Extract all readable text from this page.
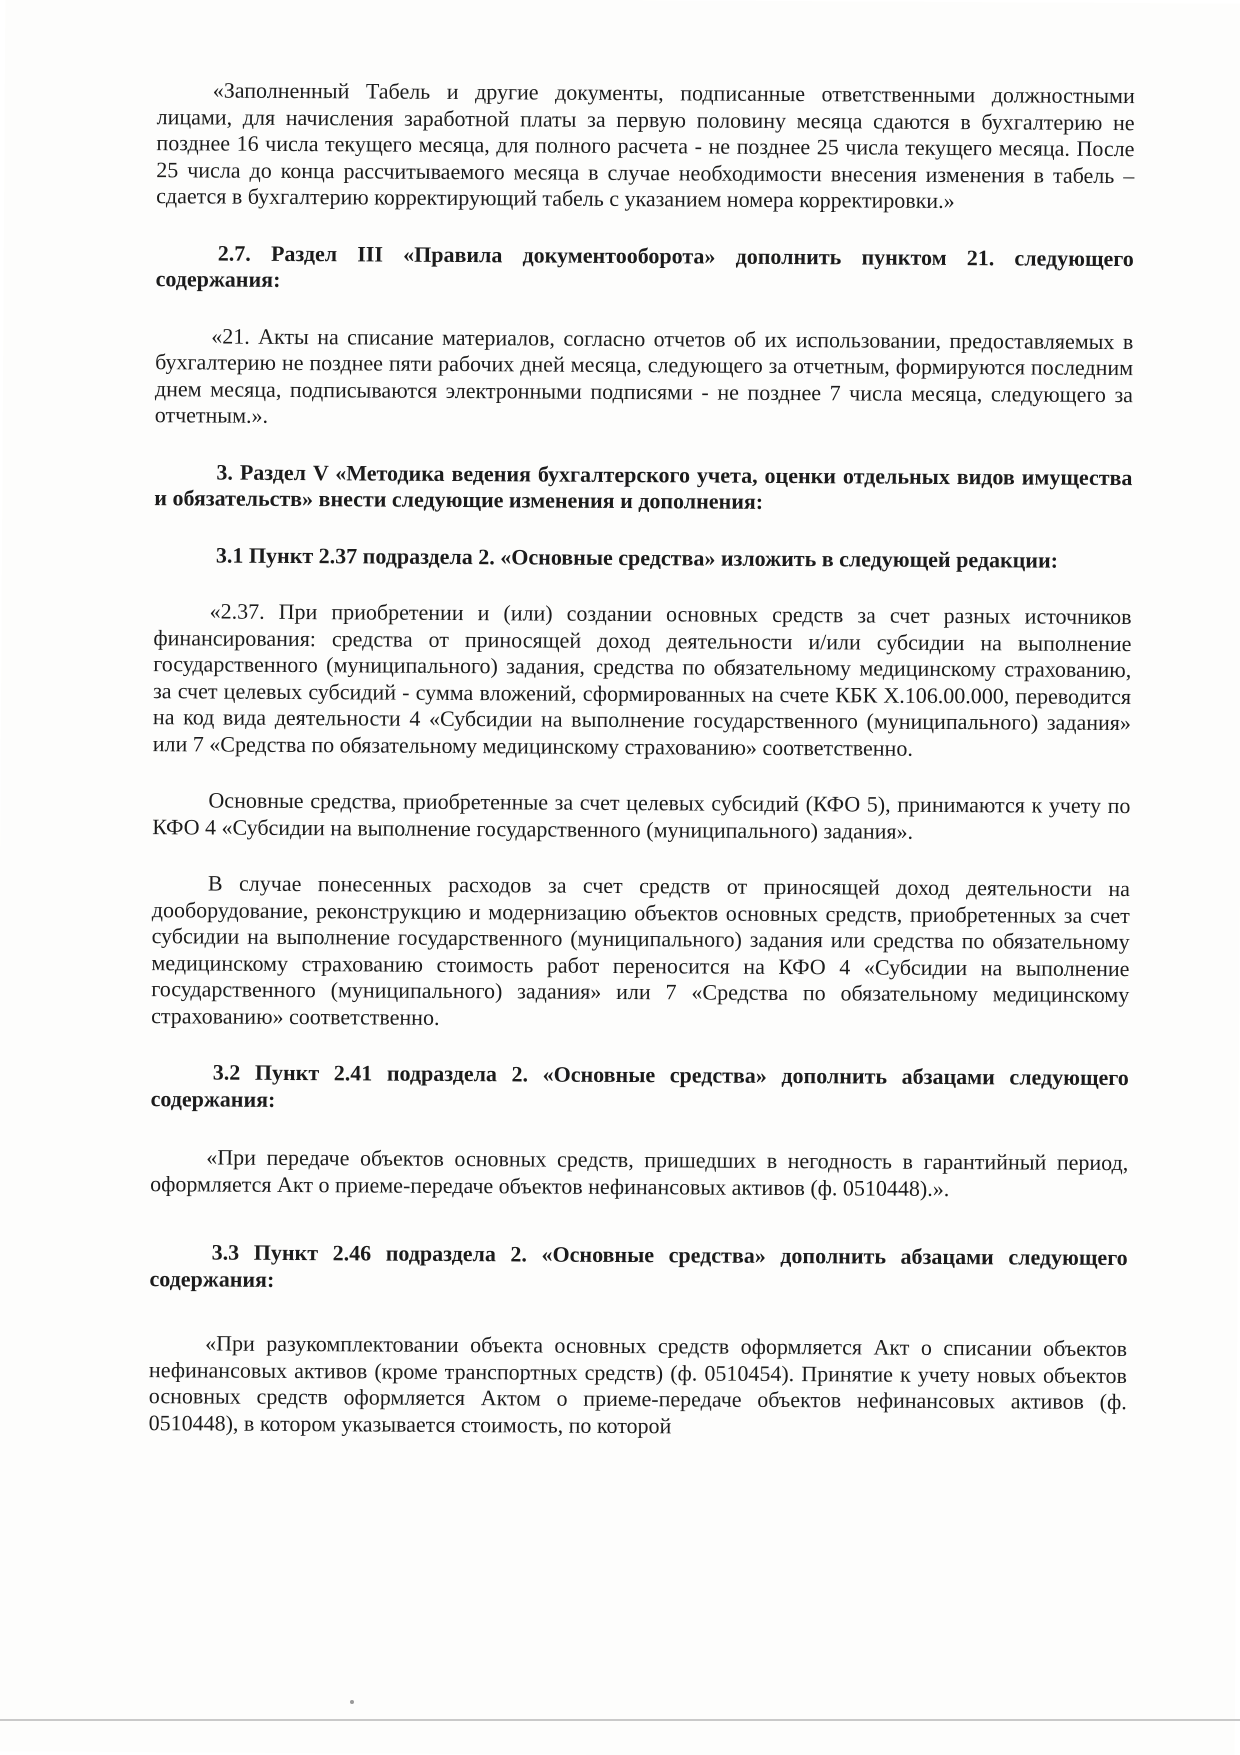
«Заполненный Табель и другие документы, подписанные ответственными должностными лицами, для начисления заработной платы за первую половину месяца сдаются в бухгалтерию не позднее 16 числа текущего месяца, для полного расчета - не позднее 25 числа текущего месяца. После 25 числа до конца рассчитываемого месяца в случае необходимости внесения изменения в табель – сдается в бухгалтерию корректирующий табель с указанием номера корректировки.»

2.7. Раздел III «Правила документооборота» дополнить пунктом 21. следующего содержания:

«21. Акты на списание материалов, согласно отчетов об их использовании, предоставляемых в бухгалтерию не позднее пяти рабочих дней месяца, следующего за отчетным, формируются последним днем месяца, подписываются электронными подписями - не позднее 7 числа месяца, следующего за отчетным.».

3. Раздел V «Методика ведения бухгалтерского учета, оценки отдельных видов имущества и обязательств» внести следующие изменения и дополнения:

3.1 Пункт 2.37 подраздела 2. «Основные средства» изложить в следующей редакции:

«2.37. При приобретении и (или) создании основных средств за счет разных источников финансирования: средства от приносящей доход деятельности и/или субсидии на выполнение государственного (муниципального) задания, средства по обязательному медицинскому страхованию, за счет целевых субсидий - сумма вложений, сформированных на счете КБК Х.106.00.000, переводится на код вида деятельности 4 «Субсидии на выполнение государственного (муниципального) задания» или 7 «Средства по обязательному медицинскому страхованию» соответственно.

Основные средства, приобретенные за счет целевых субсидий (КФО 5), принимаются к учету по КФО 4 «Субсидии на выполнение государственного (муниципального) задания».

В случае понесенных расходов за счет средств от приносящей доход деятельности на дооборудование, реконструкцию и модернизацию объектов основных средств, приобретенных за счет субсидии на выполнение государственного (муниципального) задания или средства по обязательному медицинскому страхованию стоимость работ переносится на КФО 4 «Субсидии на выполнение государственного (муниципального) задания» или 7 «Средства по обязательному медицинскому страхованию» соответственно.

3.2 Пункт 2.41 подраздела 2. «Основные средства» дополнить абзацами следующего содержания:

«При передаче объектов основных средств, пришедших в негодность в гарантийный период, оформляется Акт о приеме-передаче объектов нефинансовых активов (ф. 0510448).».

3.3 Пункт 2.46 подраздела 2. «Основные средства» дополнить абзацами следующего содержания:

«При разукомплектовании объекта основных средств оформляется Акт о списании объектов нефинансовых активов (кроме транспортных средств) (ф. 0510454). Принятие к учету новых объектов основных средств оформляется Актом о приеме-передаче объектов нефинансовых активов (ф. 0510448), в котором указывается стоимость, по которой
